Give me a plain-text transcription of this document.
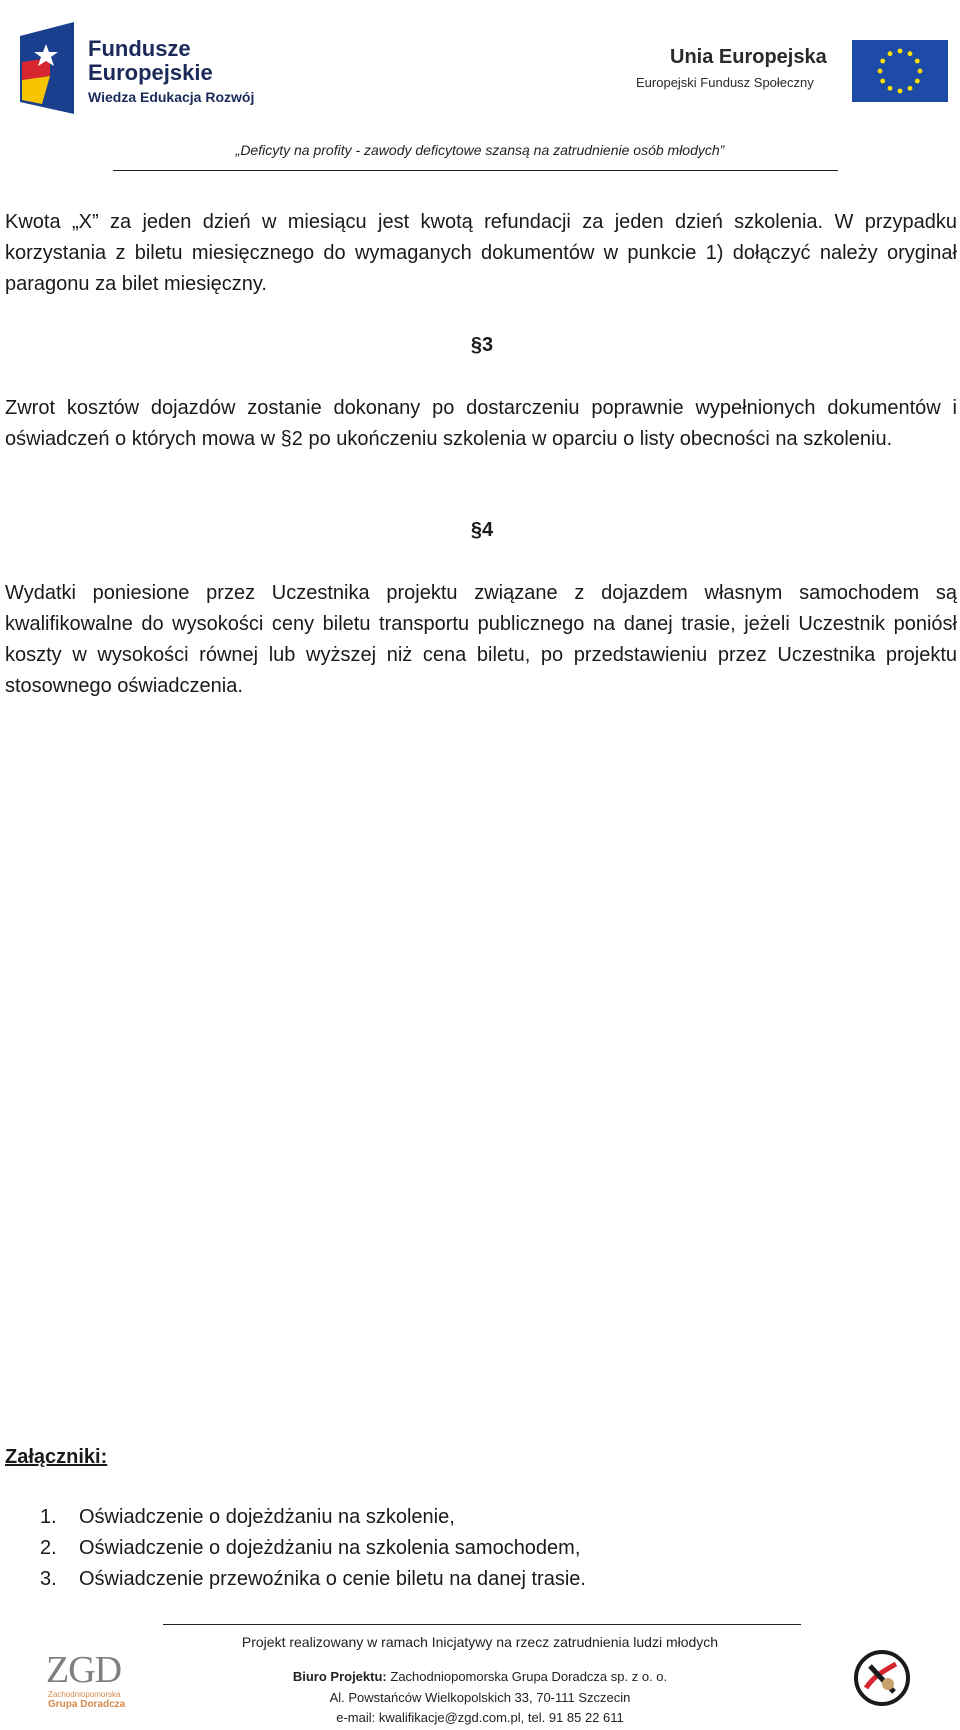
Fundusze
Europejskie
Wiedza Edukacja Rozwój
Unia Europejska
Europejski Fundusz Społeczny
„Deficyty na profity - zawody deficytowe szansą na zatrudnienie osób młodych”
Kwota „X” za jeden dzień w miesiącu jest kwotą refundacji za jeden dzień szkolenia. W przypadku korzystania z biletu miesięcznego do wymaganych dokumentów w punkcie 1) dołączyć należy oryginał paragonu za bilet miesięczny.
§3
Zwrot kosztów dojazdów zostanie dokonany po dostarczeniu poprawnie wypełnionych dokumentów i oświadczeń o których mowa w §2 po ukończeniu szkolenia w oparciu o listy obecności na szkoleniu.
§4
Wydatki poniesione przez Uczestnika projektu związane z dojazdem własnym samochodem są kwalifikowalne do wysokości ceny biletu transportu publicznego na danej trasie, jeżeli Uczestnik poniósł koszty w wysokości równej lub wyższej niż cena biletu, po przedstawieniu przez Uczestnika projektu stosownego oświadczenia.
Załączniki:
1.	Oświadczenie o dojeżdżaniu na szkolenie,
2.	Oświadczenie o dojeżdżaniu na szkolenia samochodem,
3.	Oświadczenie przewoźnika o cenie biletu na danej trasie.
Projekt realizowany w ramach Inicjatywy na rzecz zatrudnienia ludzi młodych
ZGD
Zachodniopomorska
Grupa Doradcza
Biuro Projektu: Zachodniopomorska Grupa Doradcza sp. z o. o.
Al. Powstańców Wielkopolskich 33, 70-111 Szczecin
e-mail: kwalifikacje@zgd.com.pl, tel. 91 85 22 611
